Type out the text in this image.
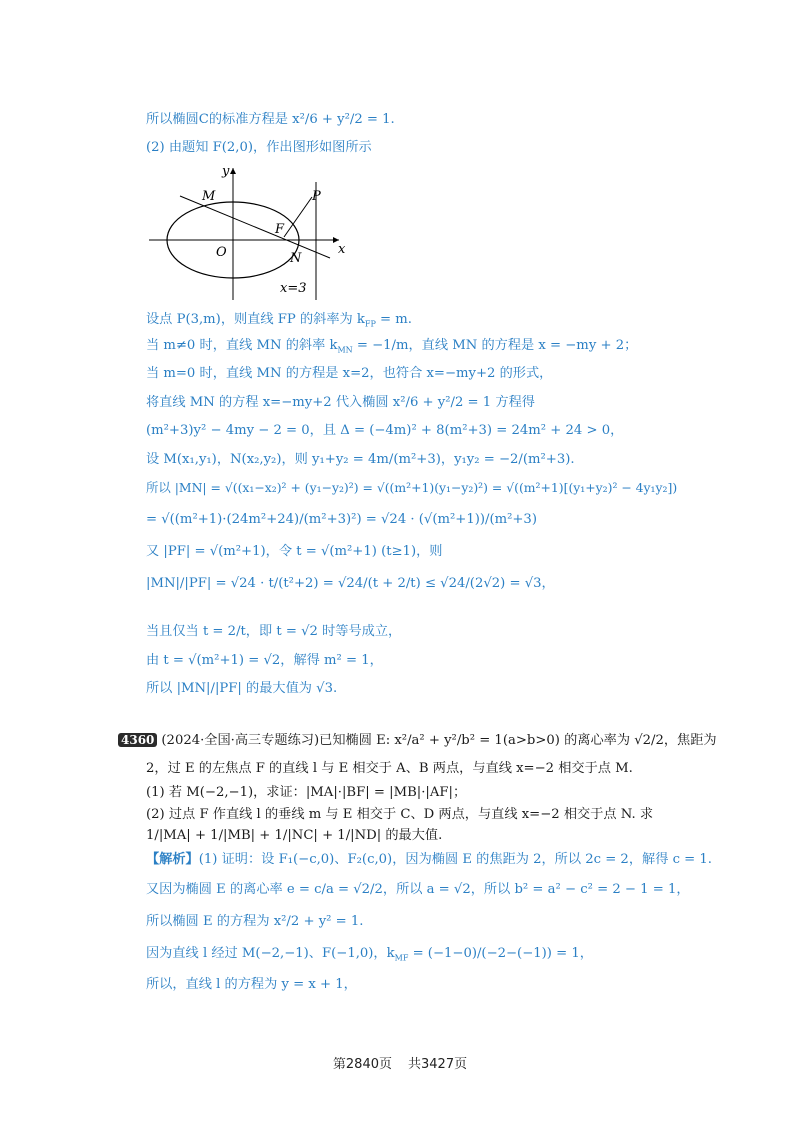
所以椭圆C的标准方程是 x²/6 + y²/2 = 1.
(2) 由题知 F(2,0)，作出图形如图所示
y
x
O
M
F
N
P
x=3
设点 P(3,m)，则直线 FP 的斜率为 $k_{FP} = m$.
当 m≠0 时，直线 MN 的斜率 $k_{MN} = -1/m$，直线 MN 的方程是 x = −my + 2；
当 m=0 时，直线 MN 的方程是 x=2，也符合 x=−my+2 的形式，
将直线 MN 的方程 x=−my+2 代入椭圆 x²/6 + y²/2 = 1 方程得
(m²+3)y² − 4my − 2 = 0，且 Δ = (−4m)² + 8(m²+3) = 24m² + 24 > 0，
设 M(x₁,y₁)，N(x₂,y₂)，则 y₁+y₂ = 4m/(m²+3)，y₁y₂ = −2/(m²+3).
所以 |MN| = √((x₁−x₂)² + (y₁−y₂)²) = √((m²+1)(y₁−y₂)²) = √((m²+1)[(y₁+y₂)² − 4y₁y₂])
= √((m²+1)·(24m²+24)/(m²+3)²) = √24 · (√(m²+1))/(m²+3)
又 |PF| = √(m²+1)，令 t = √(m²+1) (t≥1)，则
|MN|/|PF| = √24 · t/(t²+2) = √24/(t + 2/t) ≤ √24/(2√2) = √3，
当且仅当 t = 2/t，即 t = √2 时等号成立，
由 t = √(m²+1) = √2，解得 m² = 1，
所以 |MN|/|PF| 的最大值为 √3.
4360 (2024·全国·高三专题练习)已知椭圆 E: x²/a² + y²/b² = 1(a>b>0) 的离心率为 √2/2，焦距为
2，过 E 的左焦点 F 的直线 l 与 E 相交于 A、B 两点，与直线 x=−2 相交于点 M.
(1) 若 M(−2,−1)，求证：|MA|·|BF| = |MB|·|AF|；
(2) 过点 F 作直线 l 的垂线 m 与 E 相交于 C、D 两点，与直线 x=−2 相交于点 N. 求
1/|MA| + 1/|MB| + 1/|NC| + 1/|ND| 的最大值.
【解析】(1) 证明：设 F₁(−c,0)、F₂(c,0)，因为椭圆 E 的焦距为 2，所以 2c = 2，解得 c = 1.
又因为椭圆 E 的离心率 e = c/a = √2/2，所以 a = √2，所以 b² = a² − c² = 2 − 1 = 1，
所以椭圆 E 的方程为 x²/2 + y² = 1.
因为直线 l 经过 M(−2,−1)、F(−1,0)，$k_{MF} = (-1-0)/(-2-(-1)) = 1$，
所以，直线 l 的方程为 y = x + 1，
第2840页 共3427页
